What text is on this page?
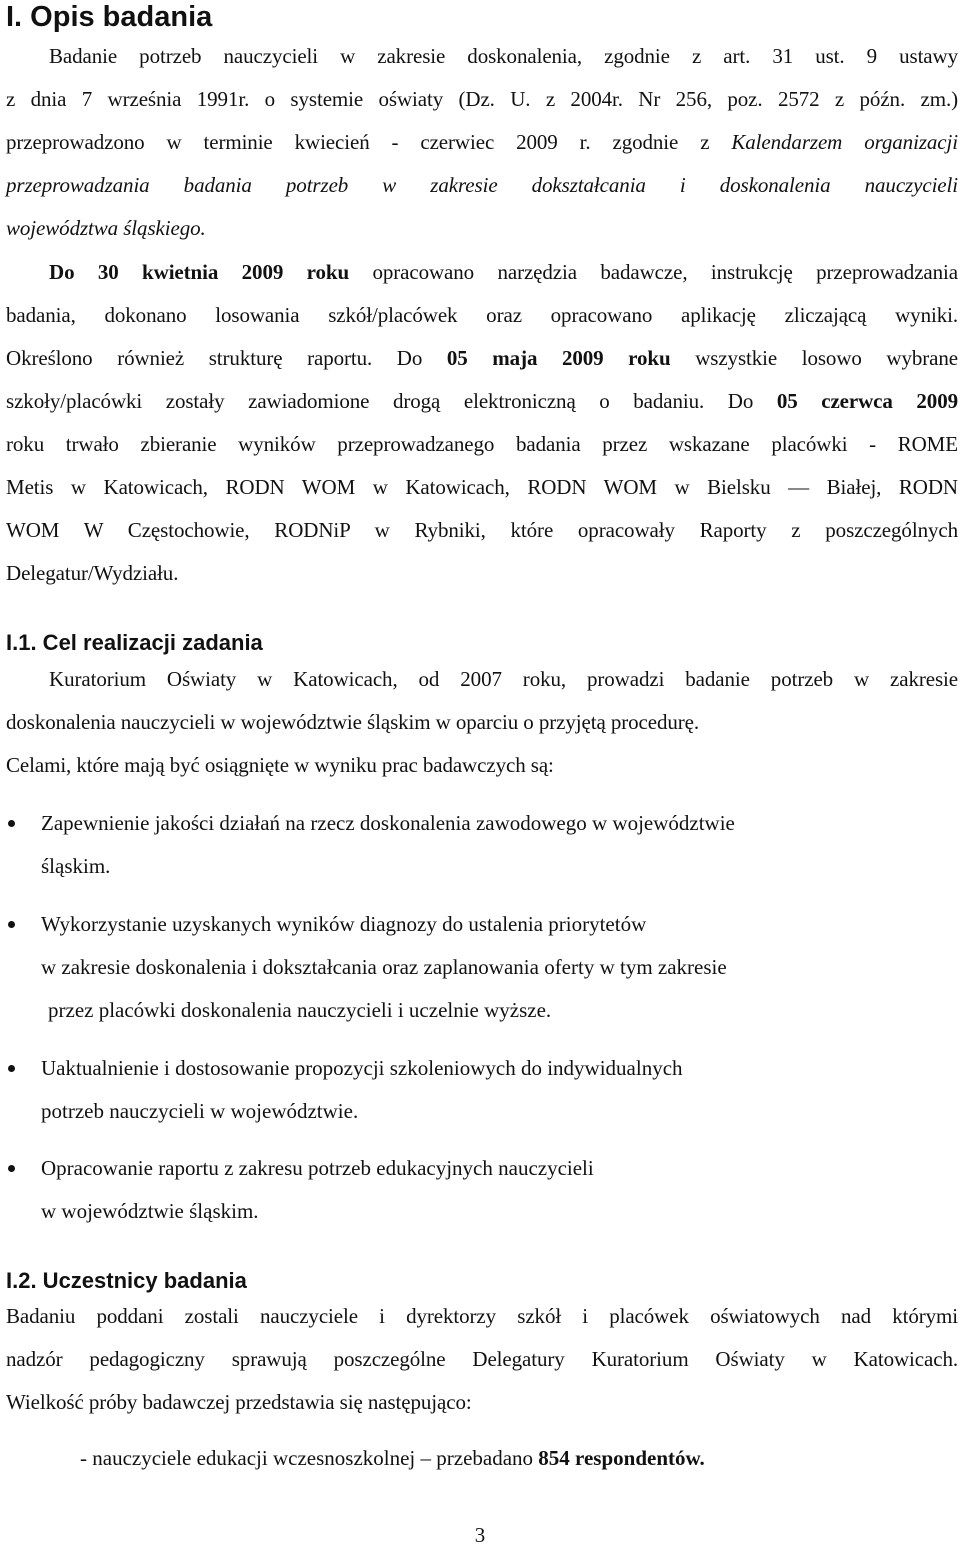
I. Opis badania
Badanie potrzeb nauczycieli w zakresie doskonalenia, zgodnie z art. 31 ust. 9 ustawy
z dnia 7 września 1991r. o systemie oświaty (Dz. U. z 2004r. Nr 256, poz. 2572 z późn. zm.)
przeprowadzono w terminie kwiecień - czerwiec 2009 r. zgodnie z Kalendarzem organizacji
przeprowadzania badania potrzeb w zakresie dokształcania i doskonalenia nauczycieli
województwa śląskiego.
Do 30 kwietnia 2009 roku opracowano narzędzia badawcze, instrukcję przeprowadzania
badania, dokonano losowania szkół/placówek oraz opracowano aplikację zliczającą wyniki.
Określono również strukturę raportu. Do 05 maja 2009 roku wszystkie losowo wybrane
szkoły/placówki zostały zawiadomione drogą elektroniczną o badaniu. Do 05 czerwca 2009
roku trwało zbieranie wyników przeprowadzanego badania przez wskazane placówki - ROME
Metis w Katowicach, RODN WOM w Katowicach, RODN WOM w Bielsku — Białej, RODN
WOM W Częstochowie, RODNiP w Rybniki, które opracowały Raporty z poszczególnych
Delegatur/Wydziału.
I.1. Cel realizacji zadania
Kuratorium Oświaty w Katowicach, od 2007 roku, prowadzi badanie potrzeb w zakresie
doskonalenia nauczycieli w województwie śląskim w oparciu o przyjętą procedurę.
Celami, które mają być osiągnięte w wyniku prac badawczych są:
Zapewnienie jakości działań na rzecz doskonalenia zawodowego w województwie
śląskim.
Wykorzystanie uzyskanych wyników diagnozy do ustalenia priorytetów
w zakresie doskonalenia i dokształcania oraz zaplanowania oferty w tym zakresie
przez placówki doskonalenia nauczycieli i uczelnie wyższe.
Uaktualnienie i dostosowanie propozycji szkoleniowych do indywidualnych
potrzeb nauczycieli w województwie.
Opracowanie raportu z zakresu potrzeb edukacyjnych nauczycieli
w województwie śląskim.
I.2. Uczestnicy badania
Badaniu poddani zostali nauczyciele i dyrektorzy szkół i placówek oświatowych nad którymi
nadzór pedagogiczny sprawują poszczególne Delegatury Kuratorium Oświaty w Katowicach.
Wielkość próby badawczej przedstawia się następująco:
- nauczyciele edukacji wczesnoszkolnej – przebadano 854 respondentów.
3
